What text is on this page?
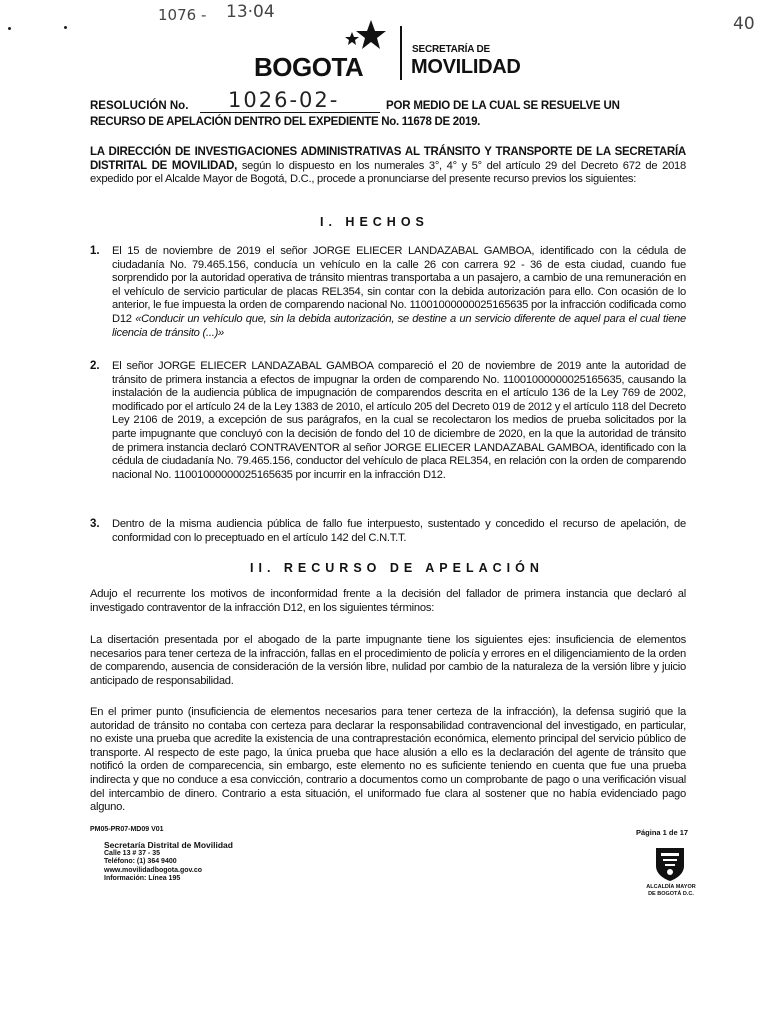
1076 - 13·04
40
BOGOTA
SECRETARÍA DE
MOVILIDAD
RESOLUCIÓN No. 1026-02-	POR MEDIO DE LA CUAL SE RESUELVE UN
RECURSO DE APELACIÓN DENTRO DEL EXPEDIENTE No. 11678 DE 2019.
LA DIRECCIÓN DE INVESTIGACIONES ADMINISTRATIVAS AL TRÁNSITO Y TRANSPORTE DE LA SECRETARÍA DISTRITAL DE MOVILIDAD, según lo dispuesto en los numerales 3°, 4° y 5° del artículo 29 del Decreto 672 de 2018 expedido por el Alcalde Mayor de Bogotá, D.C., procede a pronunciarse del presente recurso previos los siguientes:
I. HECHOS
1. El 15 de noviembre de 2019 el señor JORGE ELIECER LANDAZABAL GAMBOA, identificado con la cédula de ciudadanía No. 79.465.156, conducía un vehículo en la calle 26 con carrera 92 - 36 de esta ciudad, cuando fue sorprendido por la autoridad operativa de tránsito mientras transportaba a un pasajero, a cambio de una remuneración en el vehículo de servicio particular de placas REL354, sin contar con la debida autorización para ello. Con ocasión de lo anterior, le fue impuesta la orden de comparendo nacional No. 11001000000025165635 por la infracción codificada como D12 «Conducir un vehículo que, sin la debida autorización, se destine a un servicio diferente de aquel para el cual tiene licencia de tránsito (...)»
2. El señor JORGE ELIECER LANDAZABAL GAMBOA compareció el 20 de noviembre de 2019 ante la autoridad de tránsito de primera instancia a efectos de impugnar la orden de comparendo No. 11001000000025165635, causando la instalación de la audiencia pública de impugnación de comparendos descrita en el artículo 136 de la Ley 769 de 2002, modificado por el artículo 24 de la Ley 1383 de 2010, el artículo 205 del Decreto 019 de 2012 y el artículo 118 del Decreto Ley 2106 de 2019, a excepción de sus parágrafos, en la cual se recolectaron los medios de prueba solicitados por la parte impugnante que concluyó con la decisión de fondo del 10 de diciembre de 2020, en la que la autoridad de tránsito de primera instancia declaró CONTRAVENTOR al señor JORGE ELIECER LANDAZABAL GAMBOA, identificado con la cédula de ciudadanía No. 79.465.156, conductor del vehículo de placa REL354, en relación con la orden de comparendo nacional No. 11001000000025165635 por incurrir en la infracción D12.
3. Dentro de la misma audiencia pública de fallo fue interpuesto, sustentado y concedido el recurso de apelación, de conformidad con lo preceptuado en el artículo 142 del C.N.T.T.
II. RECURSO DE APELACIÓN
Adujo el recurrente los motivos de inconformidad frente a la decisión del fallador de primera instancia que declaró al investigado contraventor de la infracción D12, en los siguientes términos:
La disertación presentada por el abogado de la parte impugnante tiene los siguientes ejes: insuficiencia de elementos necesarios para tener certeza de la infracción, fallas en el procedimiento de policía y errores en el diligenciamiento de la orden de comparendo, ausencia de consideración de la versión libre, nulidad por cambio de la naturaleza de la versión libre y juicio anticipado de responsabilidad.
En el primer punto (insuficiencia de elementos necesarios para tener certeza de la infracción), la defensa sugirió que la autoridad de tránsito no contaba con certeza para declarar la responsabilidad contravencional del investigado, en particular, no existe una prueba que acredite la existencia de una contraprestación económica, elemento principal del servicio público de transporte. Al respecto de este pago, la única prueba que hace alusión a ello es la declaración del agente de tránsito que notificó la orden de comparecencia, sin embargo, este elemento no es suficiente teniendo en cuenta que fue una prueba indirecta y que no conduce a esa convicción, contrario a documentos como un comprobante de pago o una verificación visual del intercambio de dinero. Contrario a esta situación, el uniformado fue clara al sostener que no había evidenciado pago alguno.
PM05-PR07-MD09 V01	Página 1 de 17
Secretaría Distrital de Movilidad
Calle 13 # 37 - 35
Teléfono: (1) 364 9400
www.movilidadbogota.gov.co
Información: Línea 195
ALCALDÍA MAYOR
DE BOGOTÁ D.C.
